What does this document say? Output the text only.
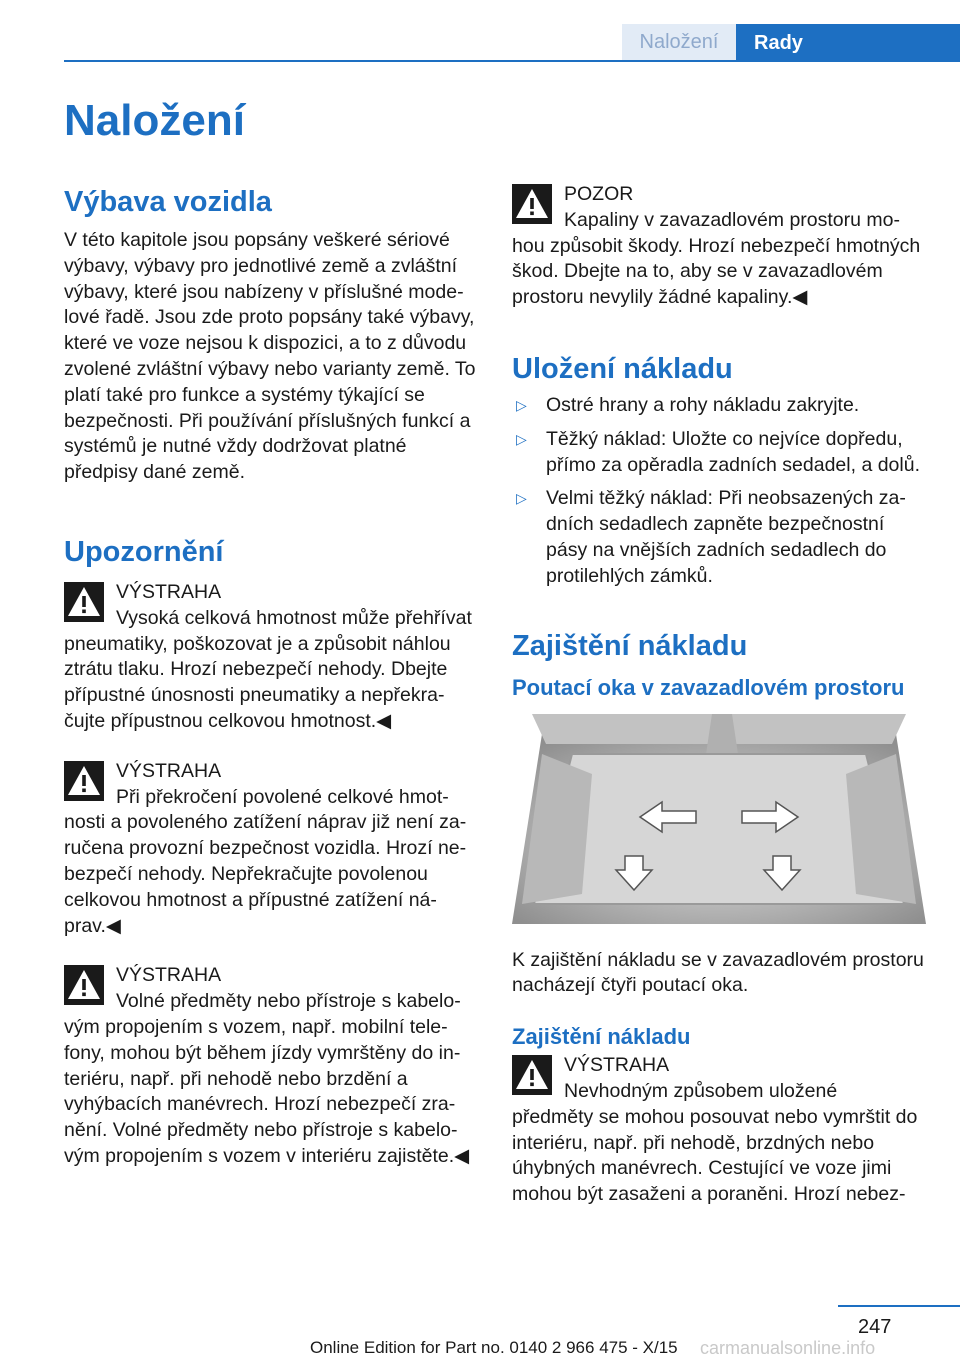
Naložení	Rady
Naložení
Výbava vozidla

V této kapitole jsou popsány veškeré sériové výbavy, výbavy pro jednotlivé země a zvláštní výbavy, které jsou nabízeny v příslušné modelové řadě. Jsou zde proto popsány také výbavy, které ve voze nejsou k dispozici, a to z důvodu zvolené zvláštní výbavy nebo varianty země. To platí také pro funkce a systémy týkající se bezpečnosti. Při používání příslušných funkcí a systémů je nutné vždy dodržovat platné předpisy dané země.

Upozornění
VÝSTRAHA
Vysoká celková hmotnost může přehřívat

pneumatiky, poškozovat je a způsobit náhlou ztrátu tlaku. Hrozí nebezpečí nehody. Dbejte přípustné únosnosti pneumatiky a nepřekračujte přípustnou celkovou hmotnost.◀

VÝSTRAHA
Při překročení povolené celkové hmot-

nosti a povoleného zatížení náprav již není zaručena provozní bezpečnost vozidla. Hrozí nebezpečí nehody. Nepřekračujte povolenou celkovou hmotnost a přípustné zatížení náprav.◀

VÝSTRAHA
Volné předměty nebo přístroje s kabelo-

vým propojením s vozem, např. mobilní telefony, mohou být během jízdy vymrštěny do interiéru, např. při nehodě nebo brzdění a vyhýbacích manévrech. Hrozí nebezpečí zranění. Volné předměty nebo přístroje s kabelovým propojením s vozem v interiéru zajistěte.◀

POZOR
Kapaliny v zavazadlovém prostoru mo-

hou způsobit škody. Hrozí nebezpečí hmotných škod. Dbejte na to, aby se v zavazadlovém prostoru nevylily žádné kapaliny.◀

Uložení nákladu
▷ Ostré hrany a rohy nákladu zakryjte.
▷ Těžký náklad: Uložte co nejvíce dopředu, přímo za opěradla zadních sedadel, a dolů.
▷ Velmi těžký náklad: Při neobsazených zadních sedadlech zapněte bezpečnostní pásy na vnějších zadních sedadlech do protilehlých zámků.
Zajištění nákladu
Poutací oka v zavazadlovém prostoru

K zajištění nákladu se v zavazadlovém prostoru nacházejí čtyři poutací oka.

Zajištění nákladu
VÝSTRAHA
Nevhodným způsobem uložené

předměty se mohou posouvat nebo vymrštit do interiéru, např. při nehodě, brzdných nebo úhybných manévrech. Cestující ve voze jimi mohou být zasaženi a poraněni. Hrozí nebez-

247
Online Edition for Part no. 0140 2 966 475 - X/15 carmanualsonline.info
